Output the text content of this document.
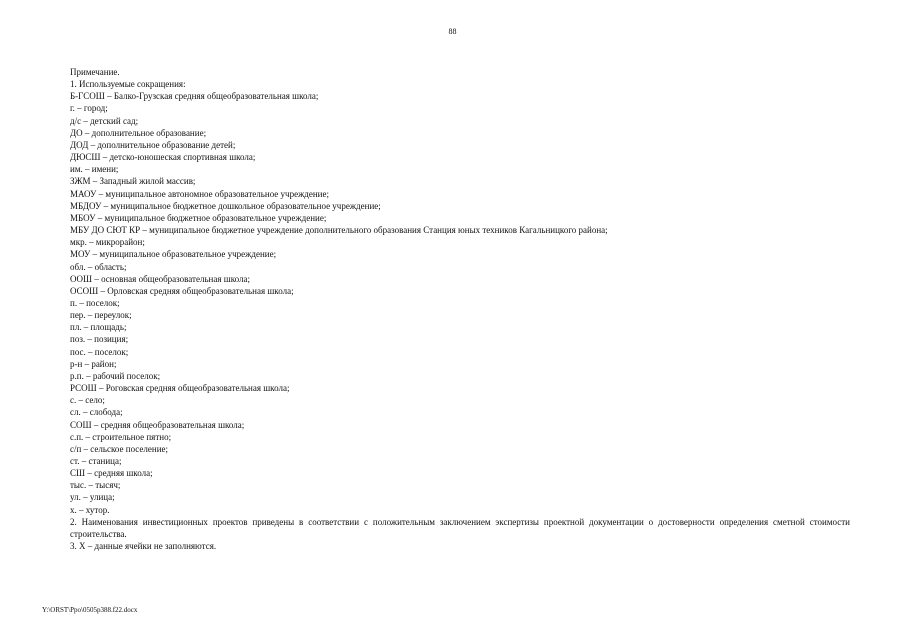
88
Примечание.
1. Используемые сокращения:
Б-ГСОШ – Балко-Грузская средняя общеобразовательная школа;
г. – город;
д/с – детский сад;
ДО – дополнительное образование;
ДОД – дополнительное образование детей;
ДЮСШ – детско-юношеская спортивная школа;
им. – имени;
ЗЖМ – Западный жилой массив;
МАОУ – муниципальное автономное образовательное учреждение;
МБДОУ – муниципальное бюджетное дошкольное образовательное учреждение;
МБОУ – муниципальное бюджетное образовательное учреждение;
МБУ ДО СЮТ КР – муниципальное бюджетное учреждение дополнительного образования Станция юных техников Кагальницкого района;
мкр. – микрорайон;
МОУ – муниципальное образовательное учреждение;
обл. – область;
ООШ – основная общеобразовательная школа;
ОСОШ – Орловская средняя общеобразовательная школа;
п. – поселок;
пер. – переулок;
пл. – площадь;
поз. – позиция;
пос. – поселок;
р-н – район;
р.п. – рабочий поселок;
РСОШ – Роговская средняя общеобразовательная школа;
с. – село;
сл. – слобода;
СОШ – средняя общеобразовательная школа;
с.п. – строительное пятно;
с/п – сельское поселение;
ст. – станица;
СШ – средняя школа;
тыс. – тысяч;
ул. – улица;
х. – хутор.
2. Наименования инвестиционных проектов приведены в соответствии с положительным заключением экспертизы проектной документации о достоверности определения сметной стоимости строительства.
3. Х – данные ячейки не заполняются.
Y:\ORST\Ppo\0505p388.f22.docx
